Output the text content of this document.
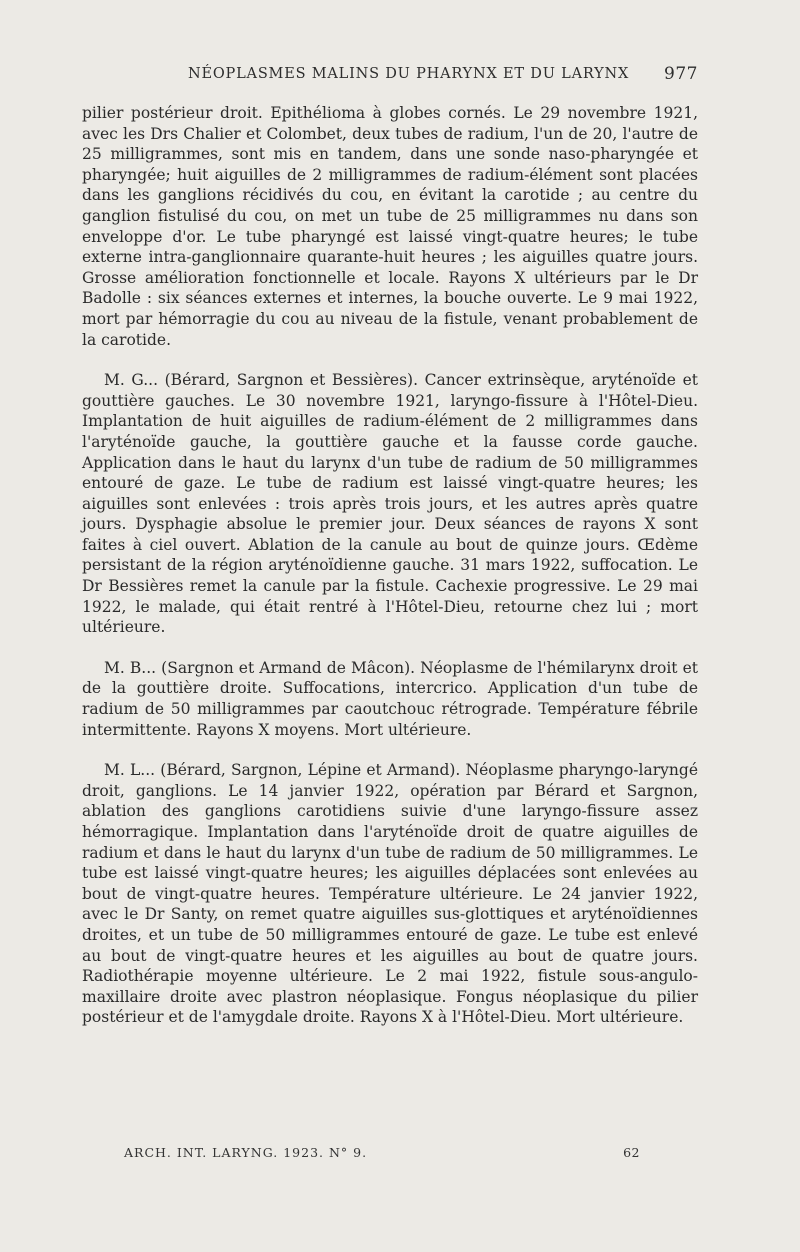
NÉOPLASMES MALINS DU PHARYNX ET DU LARYNX 977

pilier postérieur droit. Epithélioma à globes cornés. Le 29 novembre 1921, avec les Drs Chalier et Colombet, deux tubes de radium, l'un de 20, l'autre de 25 milligrammes, sont mis en tandem, dans une sonde naso-pharyngée et pharyngée; huit aiguilles de 2 milligrammes de radium-élément sont placées dans les ganglions récidivés du cou, en évitant la carotide ; au centre du ganglion fistulisé du cou, on met un tube de 25 milligrammes nu dans son enveloppe d'or. Le tube pharyngé est laissé vingt-quatre heures; le tube externe intra-ganglionnaire quarante-huit heures ; les aiguilles quatre jours. Grosse amélioration fonctionnelle et locale. Rayons X ultérieurs par le Dr Badolle : six séances externes et internes, la bouche ouverte. Le 9 mai 1922, mort par hémorragie du cou au niveau de la fistule, venant probablement de la carotide.

M. G... (Bérard, Sargnon et Bessières). Cancer extrinsèque, aryténoïde et gouttière gauches. Le 30 novembre 1921, laryngo-fissure à l'Hôtel-Dieu. Implantation de huit aiguilles de radium-élément de 2 milligrammes dans l'aryténoïde gauche, la gouttière gauche et la fausse corde gauche. Application dans le haut du larynx d'un tube de radium de 50 milligrammes entouré de gaze. Le tube de radium est laissé vingt-quatre heures; les aiguilles sont enlevées : trois après trois jours, et les autres après quatre jours. Dysphagie absolue le premier jour. Deux séances de rayons X sont faites à ciel ouvert. Ablation de la canule au bout de quinze jours. Œdème persistant de la région aryténoïdienne gauche. 31 mars 1922, suffocation. Le Dr Bessières remet la canule par la fistule. Cachexie progressive. Le 29 mai 1922, le malade, qui était rentré à l'Hôtel-Dieu, retourne chez lui ; mort ultérieure.

M. B... (Sargnon et Armand de Mâcon). Néoplasme de l'hémilarynx droit et de la gouttière droite. Suffocations, intercrico. Application d'un tube de radium de 50 milligrammes par caoutchouc rétrograde. Température fébrile intermittente. Rayons X moyens. Mort ultérieure.

M. L... (Bérard, Sargnon, Lépine et Armand). Néoplasme pharyngo-laryngé droit, ganglions. Le 14 janvier 1922, opération par Bérard et Sargnon, ablation des ganglions carotidiens suivie d'une laryngo-fissure assez hémorragique. Implantation dans l'aryténoïde droit de quatre aiguilles de radium et dans le haut du larynx d'un tube de radium de 50 milligrammes. Le tube est laissé vingt-quatre heures; les aiguilles déplacées sont enlevées au bout de vingt-quatre heures. Température ultérieure. Le 24 janvier 1922, avec le Dr Santy, on remet quatre aiguilles sus-glottiques et aryténoïdiennes droites, et un tube de 50 milligrammes entouré de gaze. Le tube est enlevé au bout de vingt-quatre heures et les aiguilles au bout de quatre jours. Radiothérapie moyenne ultérieure. Le 2 mai 1922, fistule sous-angulo-maxillaire droite avec plastron néoplasique. Fongus néoplasique du pilier postérieur et de l'amygdale droite. Rayons X à l'Hôtel-Dieu. Mort ultérieure.

ARCH. INT. LARYNG. 1923. N° 9.	62
